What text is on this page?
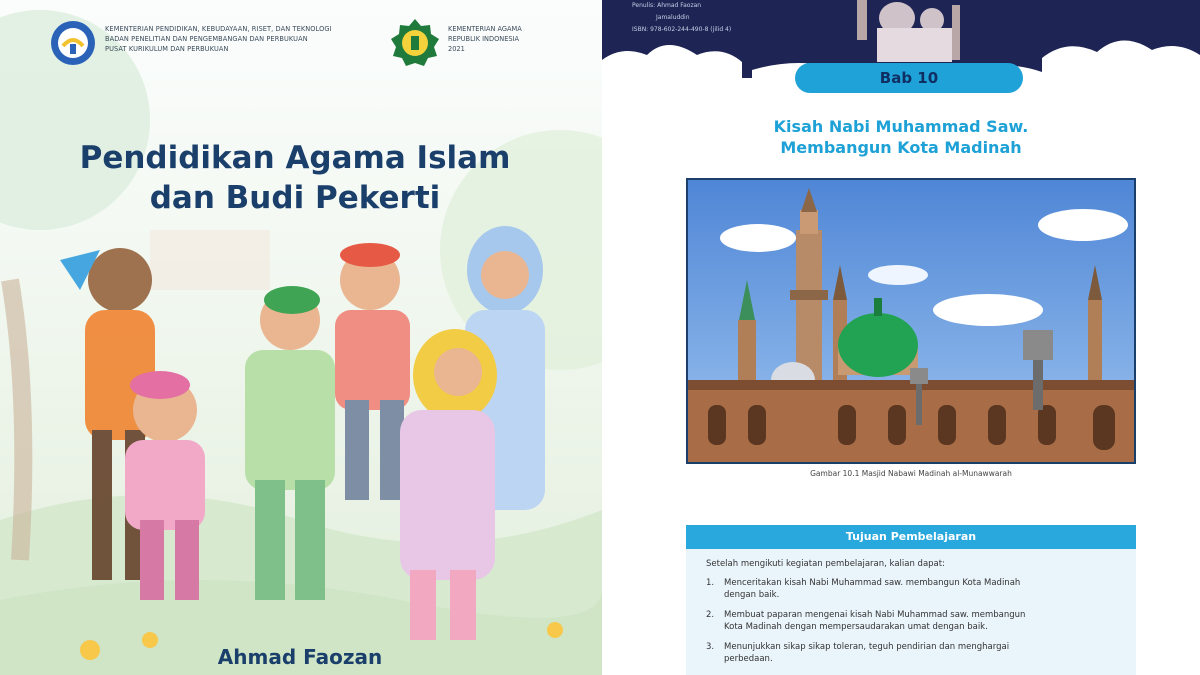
KEMENTERIAN PENDIDIKAN, KEBUDAYAAN, RISET, DAN TEKNOLOGI
BADAN PENELITIAN DAN PENGEMBANGAN DAN PERBUKUAN
PUSAT KURIKULUM DAN PERBUKUAN
KEMENTERIAN AGAMA
REPUBLIK INDONESIA
2021
Pendidikan Agama Islam
dan Budi Pekerti
Ahmad Faozan
Penulis: Ahmad Faozan
Jamaluddin
ISBN: 978-602-244-490-8 (jilid 4)
Bab 10
Kisah Nabi Muhammad Saw.
Membangun Kota Madinah
Gambar 10.1 Masjid Nabawi Madinah al-Munawwarah
Tujuan Pembelajaran
Setelah mengikuti kegiatan pembelajaran, kalian dapat:
1.	Menceritakan kisah Nabi Muhammad saw. membangun Kota Madinah
dengan baik.
2.	Membuat paparan mengenai kisah Nabi Muhammad saw. membangun
Kota Madinah dengan mempersaudarakan umat dengan baik.
3.	Menunjukkan sikap sikap toleran, teguh pendirian dan menghargai
perbedaan.
